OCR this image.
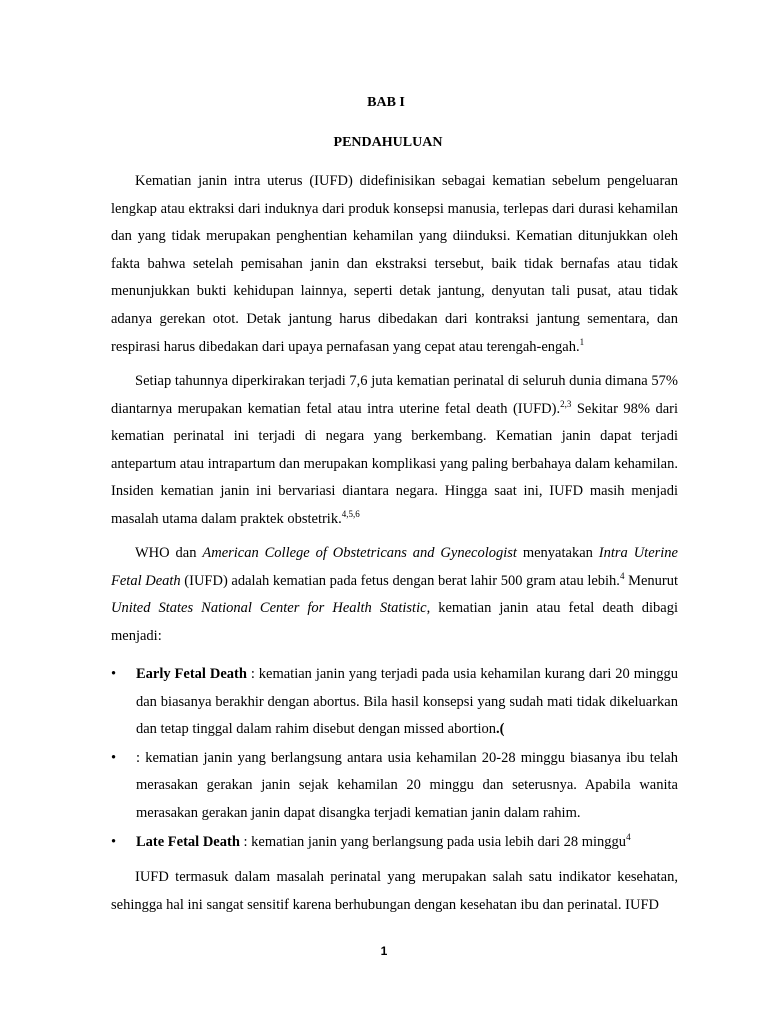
BAB I
PENDAHULUAN

Kematian janin intra uterus (IUFD) didefinisikan sebagai kematian sebelum pengeluaran lengkap atau ektraksi dari induknya dari produk konsepsi manusia, terlepas dari durasi kehamilan dan yang tidak merupakan penghentian kehamilan yang diinduksi. Kematian ditunjukkan oleh fakta bahwa setelah pemisahan janin dan ekstraksi tersebut, baik tidak bernafas atau tidak menunjukkan bukti kehidupan lainnya, seperti detak jantung, denyutan tali pusat, atau tidak adanya gerekan otot. Detak jantung harus dibedakan dari kontraksi jantung sementara, dan respirasi harus dibedakan dari upaya pernafasan yang cepat atau terengah-engah.$^1$

Setiap tahunnya diperkirakan terjadi 7,6 juta kematian perinatal di seluruh dunia dimana 57% diantarnya merupakan kematian fetal atau intra uterine fetal death (IUFD).$^{2,3}$ Sekitar 98% dari kematian perinatal ini terjadi di negara yang berkembang. Kematian janin dapat terjadi antepartum atau intrapartum dan merupakan komplikasi yang paling berbahaya dalam kehamilan. Insiden kematian janin ini bervariasi diantara negara. Hingga saat ini, IUFD masih menjadi masalah utama dalam praktek obstetrik.$^{4,5,6}$

WHO dan American College of Obstetricans and Gynecologist menyatakan Intra Uterine Fetal Death (IUFD) adalah kematian pada fetus dengan berat lahir 500 gram atau lebih.$^4$ Menurut United States National Center for Health Statistic, kematian janin atau fetal death dibagi menjadi:

• Early Fetal Death : kematian janin yang terjadi pada usia kehamilan kurang dari 20 minggu dan biasanya berakhir dengan abortus. Bila hasil konsepsi yang sudah mati tidak dikeluarkan dan tetap tinggal dalam rahim disebut dengan missed abortion.(
• : kematian janin yang berlangsung antara usia kehamilan 20-28 minggu biasanya ibu telah merasakan gerakan janin sejak kehamilan 20 minggu dan seterusnya. Apabila wanita merasakan gerakan janin dapat disangka terjadi kematian janin dalam rahim.
• Late Fetal Death : kematian janin yang berlangsung pada usia lebih dari 28 minggu$^4$

IUFD termasuk dalam masalah perinatal yang merupakan salah satu indikator kesehatan, sehingga hal ini sangat sensitif karena berhubungan dengan kesehatan ibu dan perinatal. IUFD

1
